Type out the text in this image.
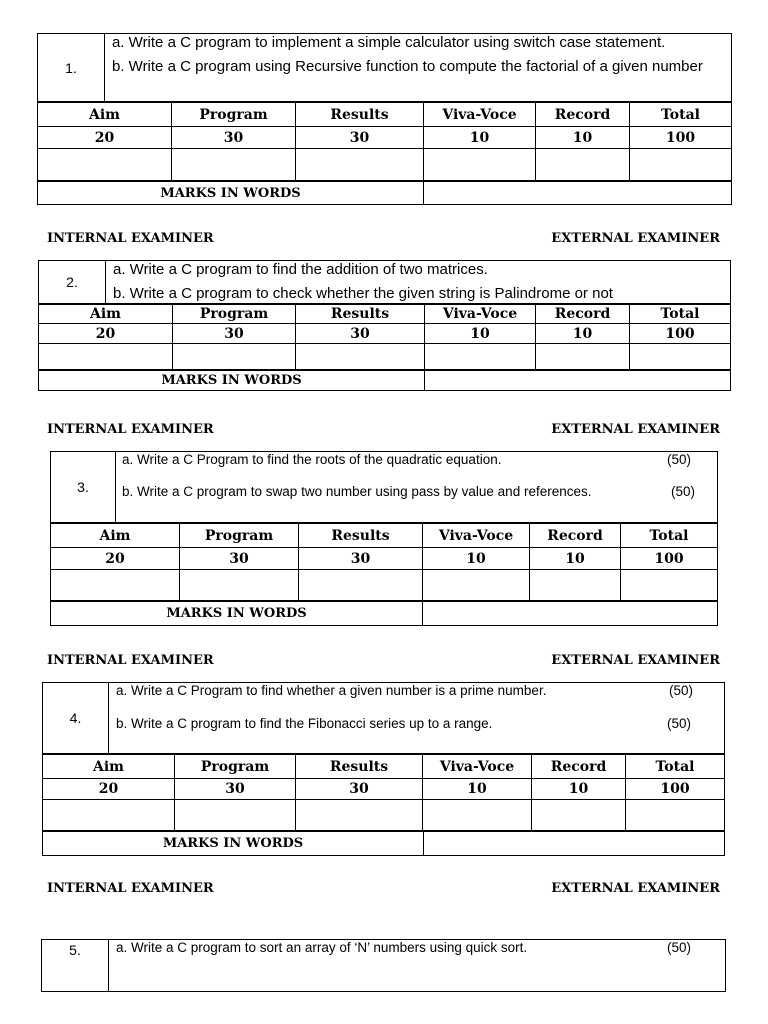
1.	
a. Write a C program to implement a simple calculator using switch case statement.
b. Write a C program using Recursive function to compute the factorial of a given number
Aim	Program	Results	Viva-Voce	Record	Total
20	30	30	10	10	100

MARKS IN WORDS	
INTERNAL EXAMINER	EXTERNAL EXAMINER
2.	
a. Write a C program to find the addition of two matrices.
b. Write a C program to check whether the given string is Palindrome or not
Aim	Program	Results	Viva-Voce	Record	Total
20	30	30	10	10	100

MARKS IN WORDS	
INTERNAL EXAMINER	EXTERNAL EXAMINER
3.	
a. Write a C Program to find the roots of the quadratic equation.	(50)
b. Write a C program to swap two number using pass by value and references.	(50)
Aim	Program	Results	Viva-Voce	Record	Total
20	30	30	10	10	100

MARKS IN WORDS	
INTERNAL EXAMINER	EXTERNAL EXAMINER
4.	
a. Write a C Program to find whether a given number is a prime number.	(50)
b. Write a C program to find the Fibonacci series up to a range.	(50)
Aim	Program	Results	Viva-Voce	Record	Total
20	30	30	10	10	100

MARKS IN WORDS	
INTERNAL EXAMINER	EXTERNAL EXAMINER
5.	a. Write a C program to sort an array of ‘N’ numbers using quick sort.	(50)
